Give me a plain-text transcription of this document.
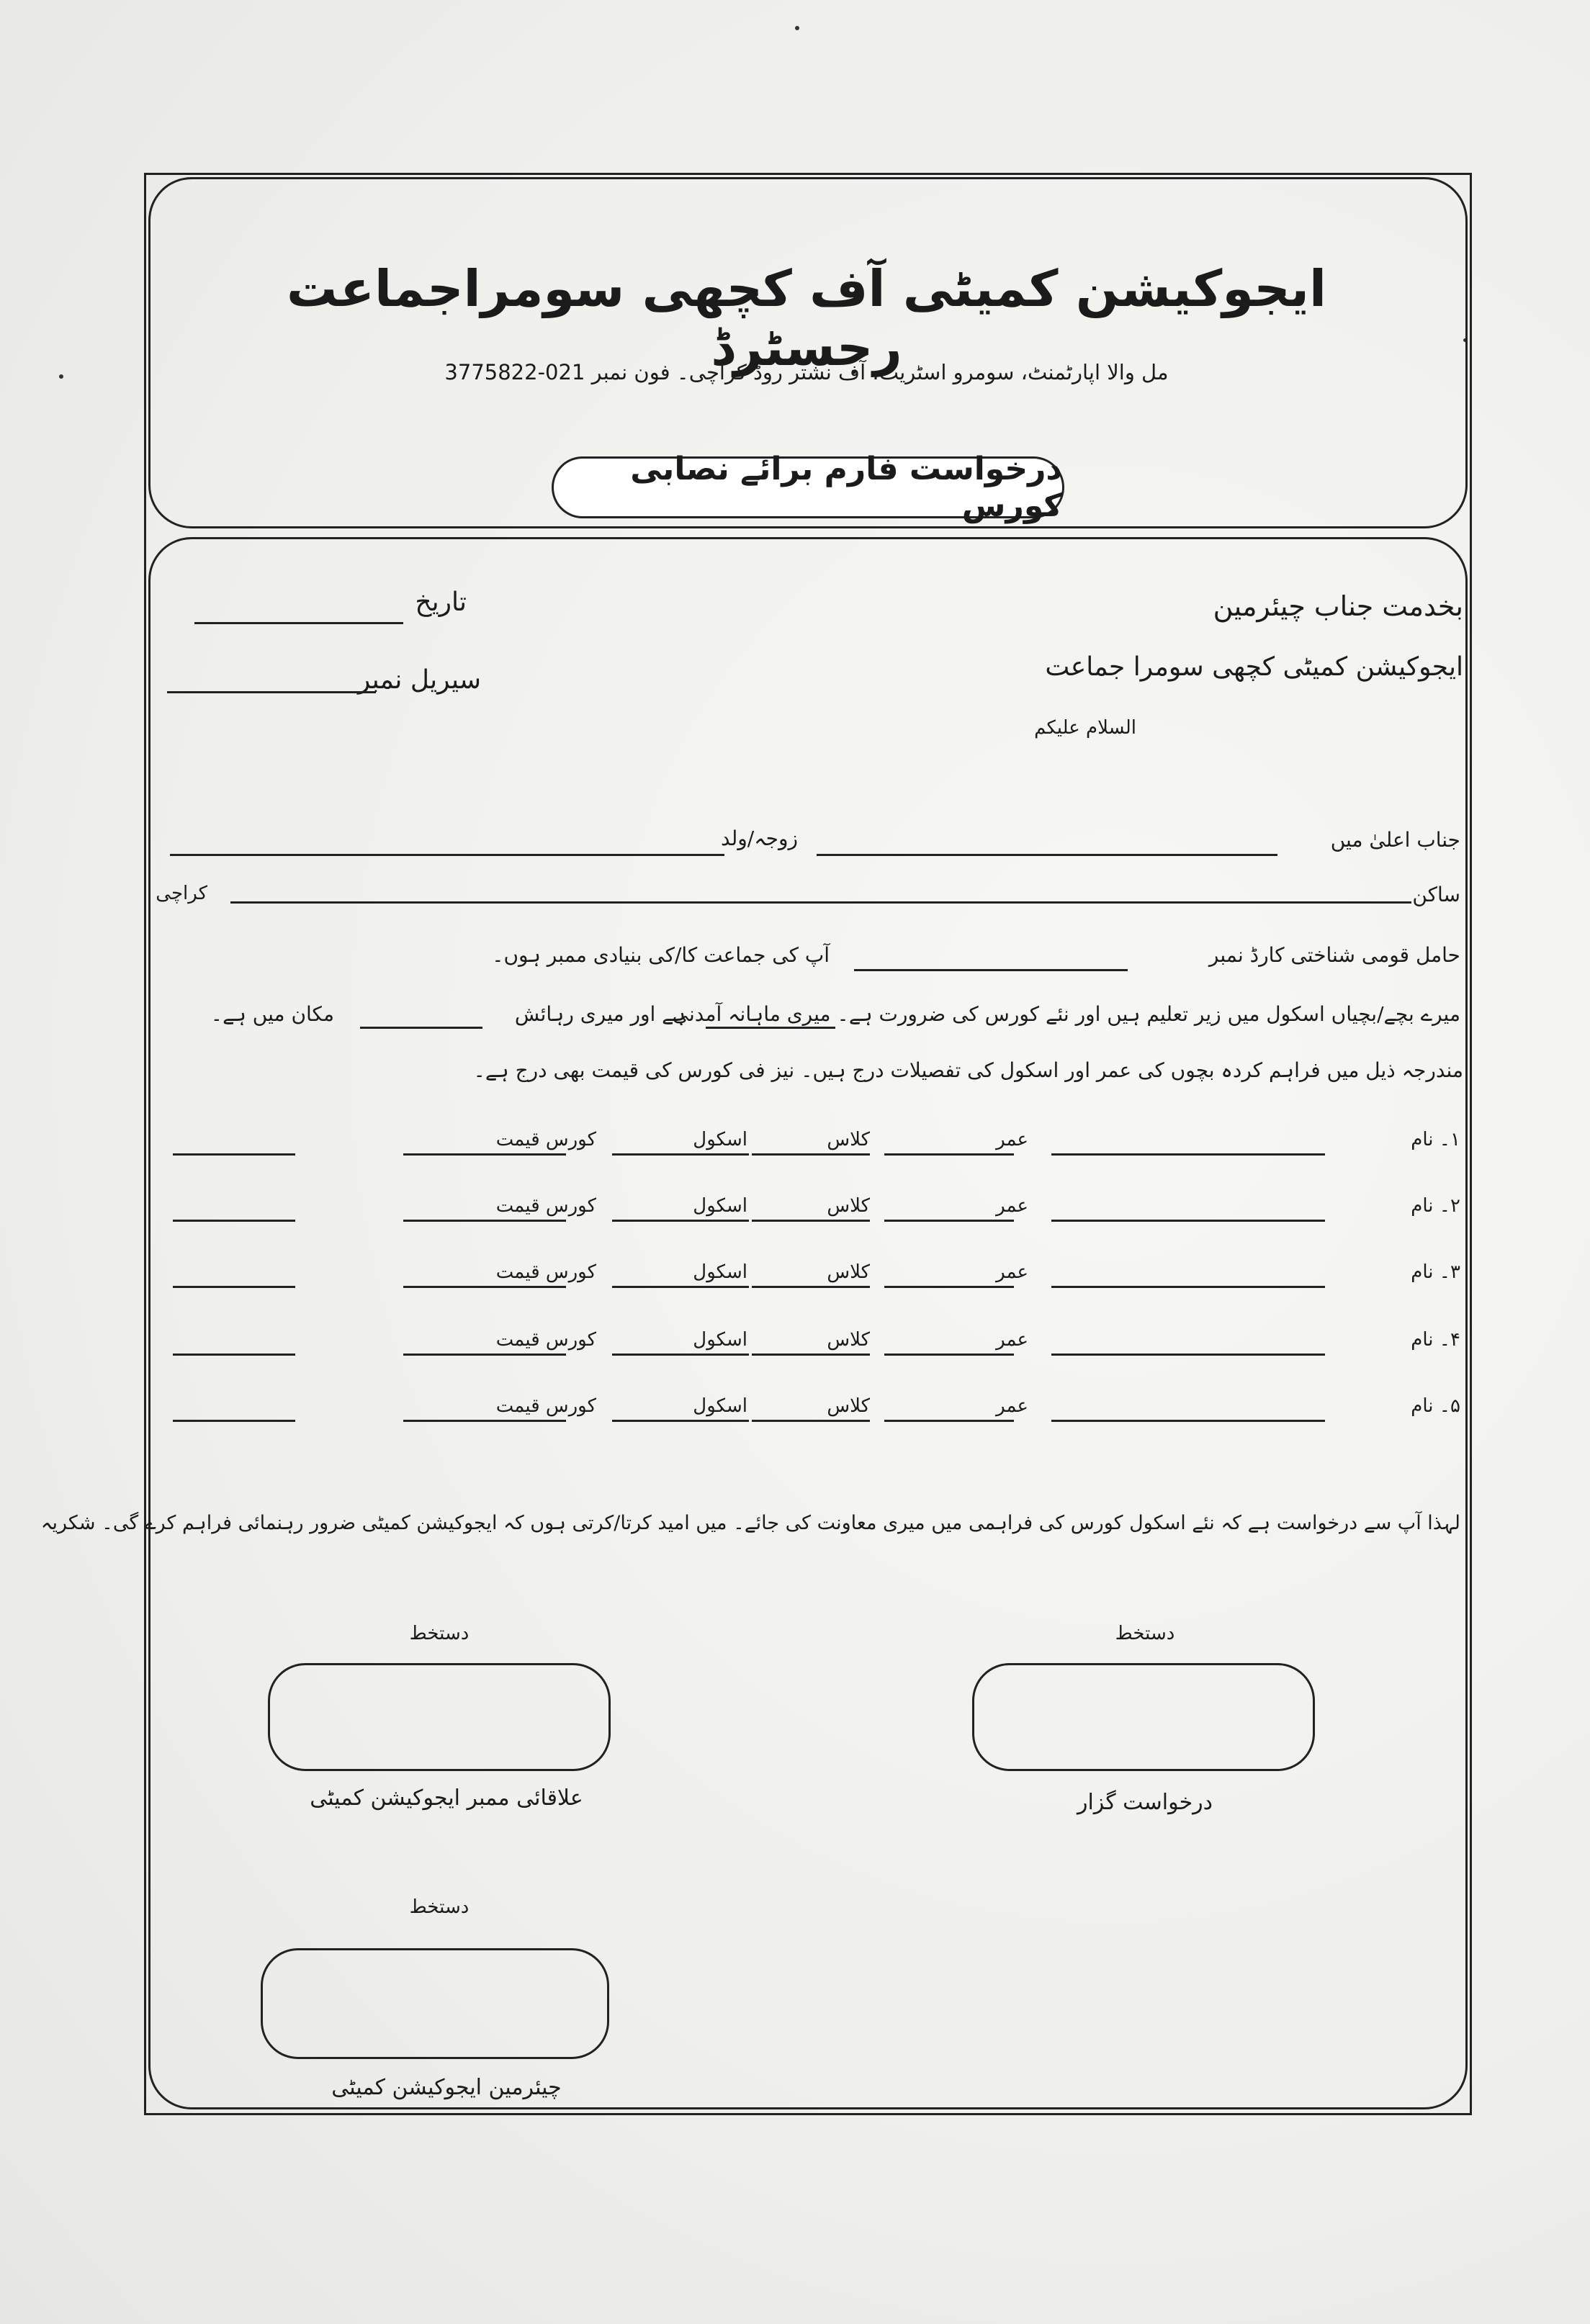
ایجوکیشن کمیٹی آف کچھی سومراجماعت رجسٹرڈ
مل والا اپارٹمنٹ، سومرو اسٹریٹ، آف نشتر روڈ کراچی۔ فون نمبر 021-3775822
درخواست فارم برائے نصابی کورس
بخدمت جناب چیئرمین
ایجوکیشن کمیٹی کچھی سومرا جماعت
السلام علیکم
تاریخ
سیریل نمبر
جناب اعلیٰ میں
زوجہ/ولد
ساکن
کراچی
حامل قومی شناختی کارڈ نمبر
آپ کی جماعت کا/کی بنیادی ممبر ہوں۔
میرے بچے/بچیاں اسکول میں زیر تعلیم ہیں اور نئے کورس کی ضرورت ہے۔ میری ماہانہ آمدنی
ہے اور میری رہائش
مکان میں ہے۔
مندرجہ ذیل میں فراہم کردہ بچوں کی عمر اور اسکول کی تفصیلات درج ہیں۔ نیز فی کورس کی قیمت بھی درج ہے۔
۱۔ نام
عمر
کلاس
اسکول
کورس قیمت
۲۔ نام
عمر
کلاس
اسکول
کورس قیمت
۳۔ نام
عمر
کلاس
اسکول
کورس قیمت
۴۔ نام
عمر
کلاس
اسکول
کورس قیمت
۵۔ نام
عمر
کلاس
اسکول
کورس قیمت
لہذا آپ سے درخواست ہے کہ نئے اسکول کورس کی فراہمی میں میری معاونت کی جائے۔ میں امید کرتا/کرتی ہوں کہ ایجوکیشن کمیٹی ضرور رہنمائی فراہم کرے گی۔ شکریہ
دستخط
درخواست گزار
دستخط
علاقائی ممبر ایجوکیشن کمیٹی
دستخط
چیئرمین ایجوکیشن کمیٹی
